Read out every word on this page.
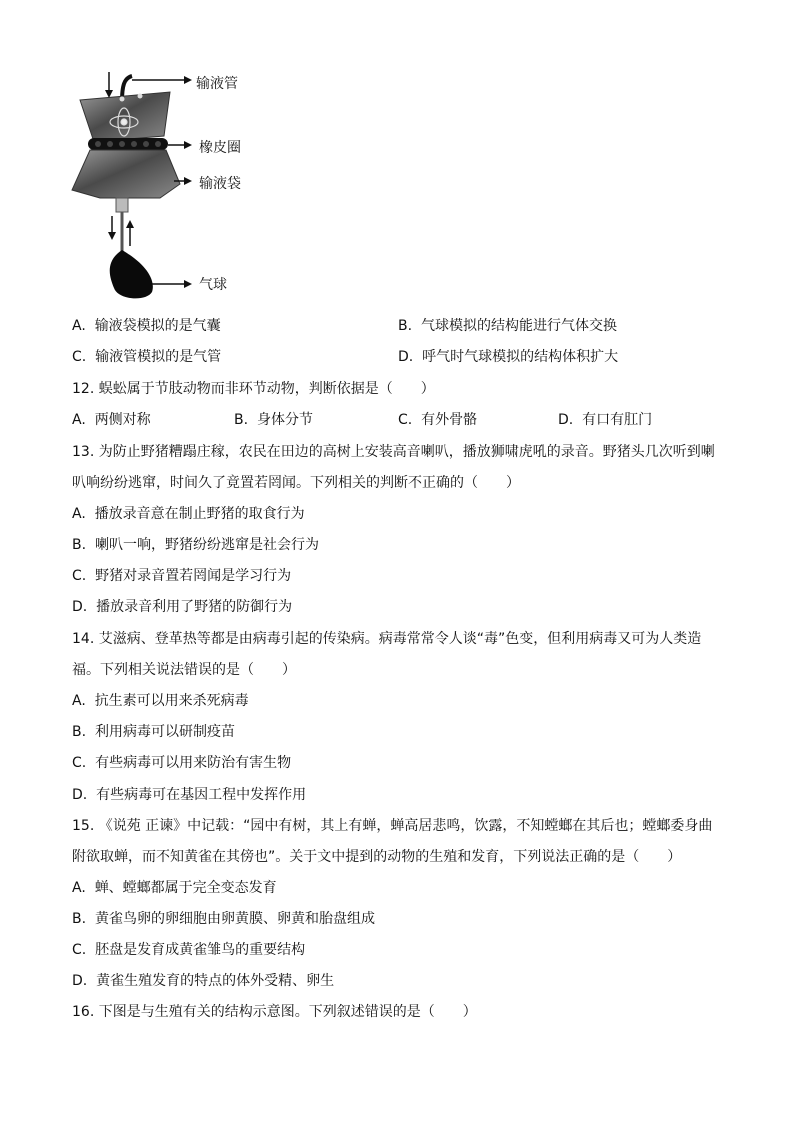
输液管
橡皮圈
输液袋
气球
A. 输液袋模拟的是气囊	B. 气球模拟的结构能进行气体交换
C. 输液管模拟的是气管	D. 呼气时气球模拟的结构体积扩大
12. 蜈蚣属于节肢动物而非环节动物，判断依据是（　　）
A. 两侧对称	B. 身体分节	C. 有外骨骼	D. 有口有肛门
13. 为防止野猪糟蹋庄稼，农民在田边的高树上安装高音喇叭，播放狮啸虎吼的录音。野猪头几次听到喇
叭响纷纷逃窜，时间久了竟置若罔闻。下列相关的判断不正确的（　　）
A. 播放录音意在制止野猪的取食行为
B. 喇叭一响，野猪纷纷逃窜是社会行为
C. 野猪对录音置若罔闻是学习行为
D. 播放录音利用了野猪的防御行为
14. 艾滋病、登革热等都是由病毒引起的传染病。病毒常常令人谈“毒”色变，但利用病毒又可为人类造
福。下列相关说法错误的是（　　）
A. 抗生素可以用来杀死病毒
B. 利用病毒可以研制疫苗
C. 有些病毒可以用来防治有害生物
D. 有些病毒可在基因工程中发挥作用
15. 《说苑 正谏》中记载：“园中有树，其上有蝉，蝉高居悲鸣，饮露，不知螳螂在其后也；螳螂委身曲
附欲取蝉，而不知黄雀在其傍也”。关于文中提到的动物的生殖和发育，下列说法正确的是（　　）
A. 蝉、螳螂都属于完全变态发育
B. 黄雀鸟卵的卵细胞由卵黄膜、卵黄和胎盘组成
C. 胚盘是发育成黄雀雏鸟的重要结构
D. 黄雀生殖发育的特点的体外受精、卵生
16. 下图是与生殖有关的结构示意图。下列叙述错误的是（　　）
